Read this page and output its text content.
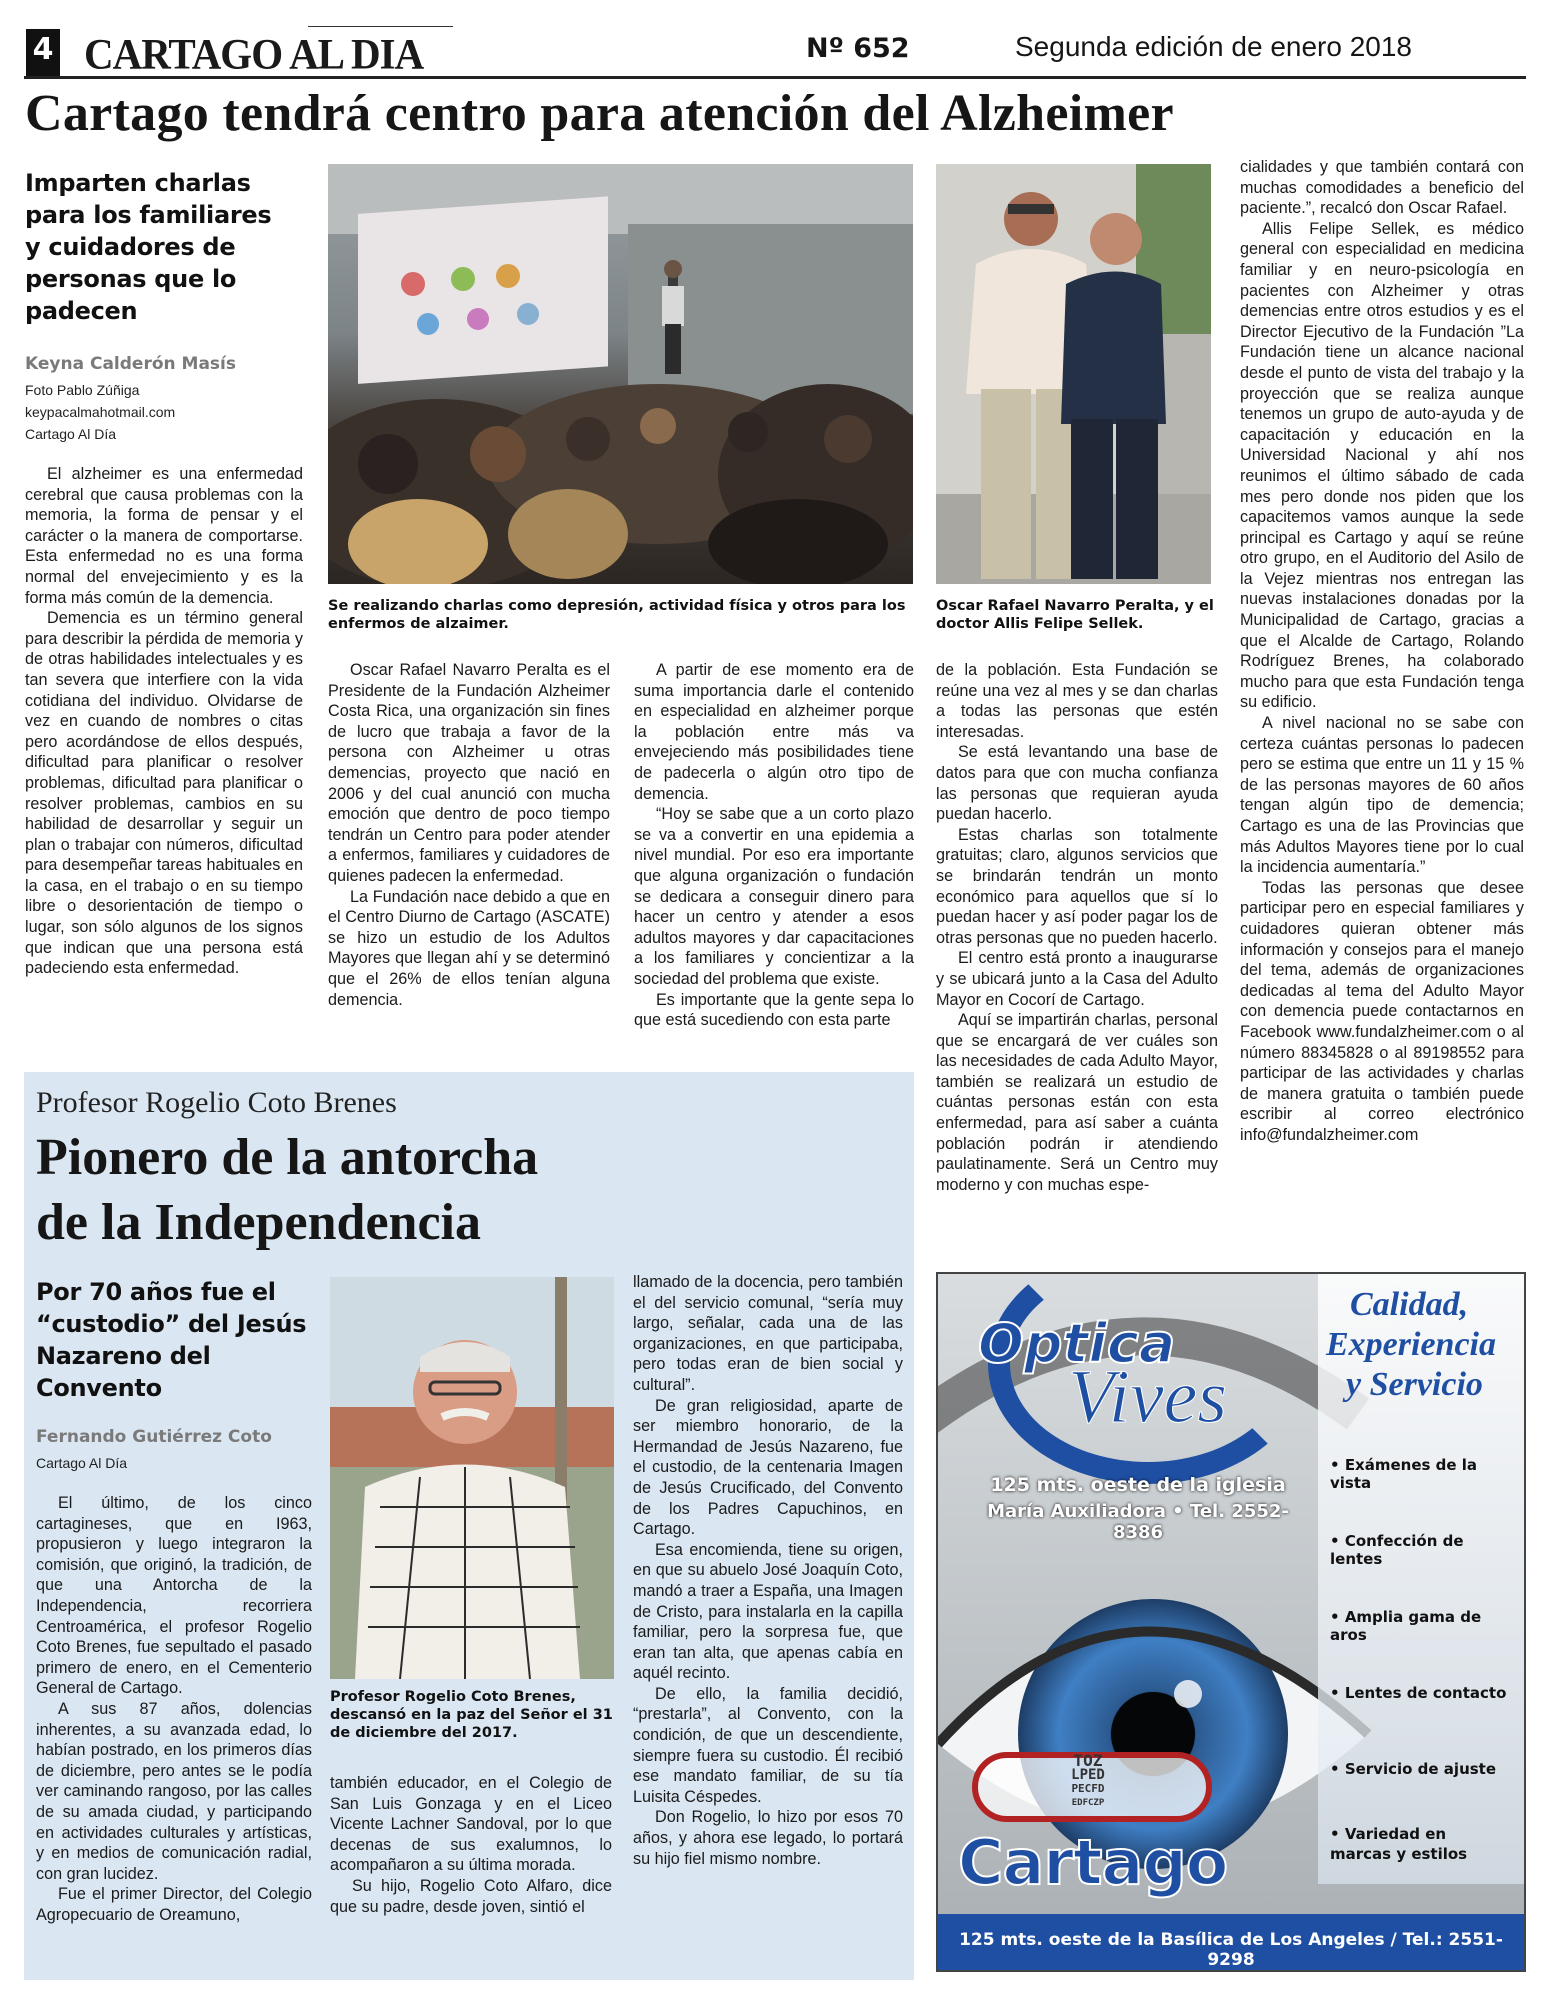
4 CARTAGO AL DIA	Nº 652	Segunda edición de enero 2018
Cartago tendrá centro para atención del Alzheimer
Imparten charlas para los familiares y cuidadores de personas que lo padecen
Keyna Calderón Masís
Foto Pablo Zúñiga
keypacalmahotmail.com
Cartago Al Día

El alzheimer es una enfermedad cerebral que causa problemas con la memoria, la forma de pensar y el carácter o la manera de comportarse. Esta enfermedad no es una forma normal del envejecimiento y es la forma más común de la demencia.

Demencia es un término general para describir la pérdida de memoria y de otras habilidades intelectuales y es tan severa que interfiere con la vida cotidiana del individuo. Olvidarse de vez en cuando de nombres o citas pero acordándose de ellos después, dificultad para planificar o resolver problemas, dificultad para planificar o resolver problemas, cambios en su habilidad de desarrollar y seguir un plan o trabajar con números, dificultad para desempeñar tareas habituales en la casa, en el trabajo o en su tiempo libre o desorientación de tiempo o lugar, son sólo algunos de los signos que indican que una persona está padeciendo esta enfermedad.

Se realizando charlas como depresión, actividad física y otros para los enfermos de alzaimer.
Oscar Rafael Navarro Peralta, y el doctor Allis Felipe Sellek.

Oscar Rafael Navarro Peralta es el Presidente de la Fundación Alzheimer Costa Rica, una organización sin fines de lucro que trabaja a favor de la persona con Alzheimer u otras demencias, proyecto que nació en 2006 y del cual anunció con mucha emoción que dentro de poco tiempo tendrán un Centro para poder atender a enfermos, familiares y cuidadores de quienes padecen la enfermedad.

La Fundación nace debido a que en el Centro Diurno de Cartago (ASCATE) se hizo un estudio de los Adultos Mayores que llegan ahí y se determinó que el 26% de ellos tenían alguna demencia.

A partir de ese momento era de suma importancia darle el contenido en especialidad en alzheimer porque la población entre más va envejeciendo más posibilidades tiene de padecerla o algún otro tipo de demencia.

“Hoy se sabe que a un corto plazo se va a convertir en una epidemia a nivel mundial. Por eso era importante que alguna organización o fundación se dedicara a conseguir dinero para hacer un centro y atender a esos adultos mayores y dar capacitaciones a los familiares y concientizar a la sociedad del problema que existe.

Es importante que la gente sepa lo que está sucediendo con esta parte

de la población. Esta Fundación se reúne una vez al mes y se dan charlas a todas las personas que estén interesadas.

Se está levantando una base de datos para que con mucha confianza las personas que requieran ayuda puedan hacerlo.

Estas charlas son totalmente gratuitas; claro, algunos servicios que se brindarán tendrán un monto económico para aquellos que sí lo puedan hacer y así poder pagar los de otras personas que no pueden hacerlo.

El centro está pronto a inaugurarse y se ubicará junto a la Casa del Adulto Mayor en Cocorí de Cartago.

Aquí se impartirán charlas, personal que se encargará de ver cuáles son las necesidades de cada Adulto Mayor, también se realizará un estudio de cuántas personas están con esta enfermedad, para así saber a cuánta población podrán ir atendiendo paulatinamente. Será un Centro muy moderno y con muchas espe-

cialidades y que también contará con muchas comodidades a beneficio del paciente.”, recalcó don Oscar Rafael.

Allis Felipe Sellek, es médico general con especialidad en medicina familiar y en neuro-psicología en pacientes con Alzheimer y otras demencias entre otros estudios y es el Director Ejecutivo de la Fundación ”La Fundación tiene un alcance nacional desde el punto de vista del trabajo y la proyección que se realiza aunque tenemos un grupo de auto-ayuda y de capacitación y educación en la Universidad Nacional y ahí nos reunimos el último sábado de cada mes pero donde nos piden que los capacitemos vamos aunque la sede principal es Cartago y aquí se reúne otro grupo, en el Auditorio del Asilo de la Vejez mientras nos entregan las nuevas instalaciones donadas por la Municipalidad de Cartago, gracias a que el Alcalde de Cartago, Rolando Rodríguez Brenes, ha colaborado mucho para que esta Fundación tenga su edificio.

A nivel nacional no se sabe con certeza cuántas personas lo padecen pero se estima que entre un 11 y 15 % de las personas mayores de 60 años tengan algún tipo de demencia; Cartago es una de las Provincias que más Adultos Mayores tiene por lo cual la incidencia aumentaría.”

Todas las personas que desee participar pero en especial familiares y cuidadores quieran obtener más información y consejos para el manejo del tema, además de organizaciones dedicadas al tema del Adulto Mayor con demencia puede contactarnos en Facebook www.fundalzheimer.com o al número 88345828 o al 89198552 para participar de las actividades y charlas de manera gratuita o también puede escribir al correo electrónico info@fundalzheimer.com

Profesor Rogelio Coto Brenes
Pionero de la antorcha
de la Independencia
Por 70 años fue el “custodio” del Jesús Nazareno del Convento
Fernando Gutiérrez Coto
Cartago Al Día

El último, de los cinco cartagineses, que en I963, propusieron y luego integraron la comisión, que originó, la tradición, de que una Antorcha de la Independencia, recorriera Centroamérica, el profesor Rogelio Coto Brenes, fue sepultado el pasado primero de enero, en el Cementerio General de Cartago.

A sus 87 años, dolencias inherentes, a su avanzada edad, lo habían postrado, en los primeros días de diciembre, pero antes se le podía ver caminando rangoso, por las calles de su amada ciudad, y participando en actividades culturales y artísticas, y en medios de comunicación radial, con gran lucidez.

Fue el primer Director, del Colegio Agropecuario de Oreamuno,

Profesor Rogelio Coto Brenes, descansó en la paz del Señor el 31 de diciembre del 2017.

también educador, en el Colegio de San Luis Gonzaga y en el Liceo Vicente Lachner Sandoval, por lo que decenas de sus exalumnos, lo acompañaron a su última morada.

Su hijo, Rogelio Coto Alfaro, dice que su padre, desde joven, sintió el

llamado de la docencia, pero también el del servicio comunal, “sería muy largo, señalar, cada una de las organizaciones, en que participaba, pero todas eran de bien social y cultural”.

De gran religiosidad, aparte de ser miembro honorario, de la Hermandad de Jesús Nazareno, fue el custodio, de la centenaria Imagen de Jesús Crucificado, del Convento de los Padres Capuchinos, en Cartago.

Esa encomienda, tiene su origen, en que su abuelo José Joaquín Coto, mandó a traer a España, una Imagen de Cristo, para instalarla en la capilla familiar, pero la sorpresa fue, que eran tan alta, que apenas cabía en aquél recinto.

De ello, la familia decidió, “prestarla”, al Convento, con la condición, de que un descendiente, siempre fuera su custodio. Él recibió ese mandato familiar, de su tía Luisita Céspedes.

Don Rogelio, lo hizo por esos 70 años, y ahora ese legado, lo portará su hijo fiel mismo nombre.

Optica
Vives
125 mts. oeste de la iglesia
María Auxiliadora • Tel. 2552-8386
Calidad,
Experiencia
y Servicio
• Exámenes de la vista
• Confección de lentes
• Amplia gama de aros
• Lentes de contacto
• Servicio de ajuste
• Variedad en marcas y estilos
TOZ
LPED
PECFD
EDFCZP
Cartago
125 mts. oeste de la Basílica de Los Angeles / Tel.: 2551-9298
